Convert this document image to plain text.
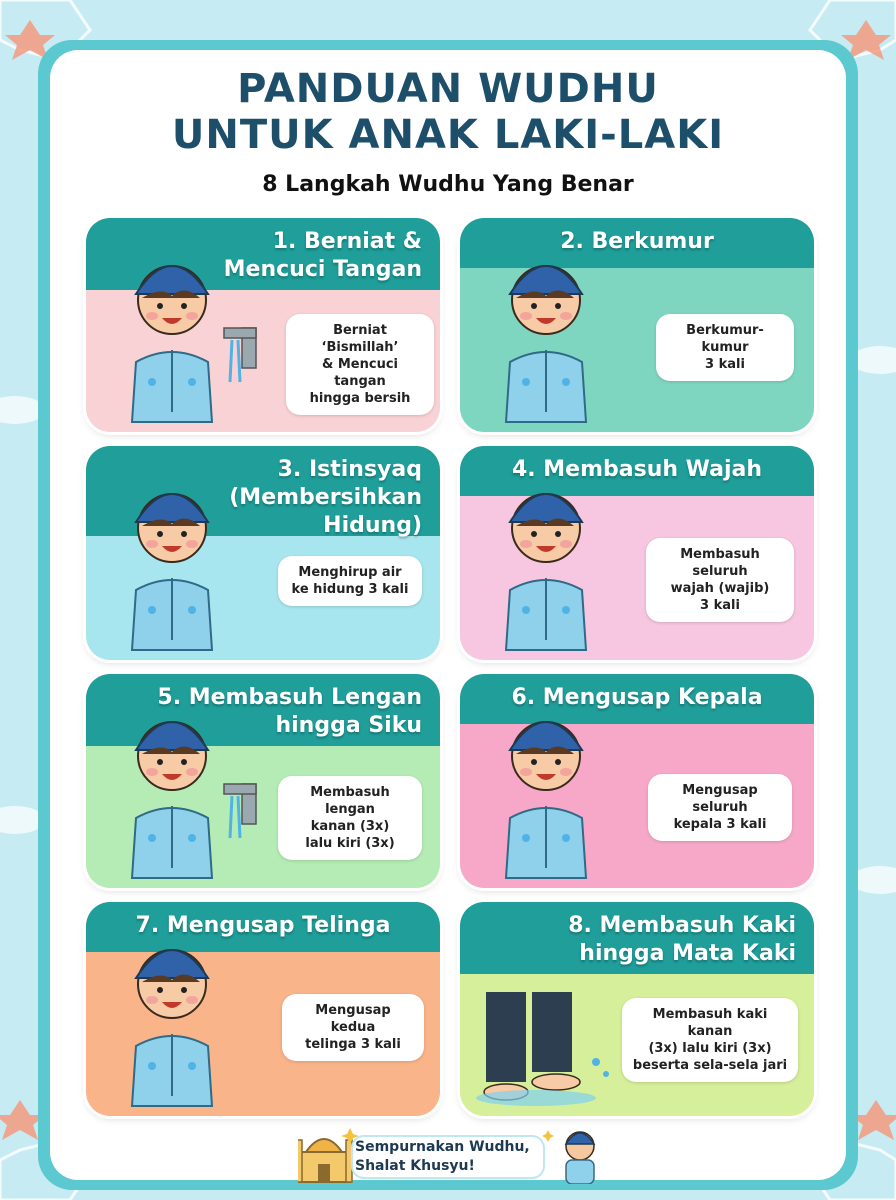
PANDUAN WUDHU
UNTUK ANAK LAKI-LAKI
8 Langkah Wudhu Yang Benar
1. Berniat &
Mencuci Tangan
Berniat ‘Bismillah’
& Mencuci tangan
hingga bersih
2. Berkumur
Berkumur-kumur
3 kali
3. Istinsyaq
(Membersihkan
Hidung)
Menghirup air
ke hidung 3 kali
4. Membasuh Wajah
Membasuh seluruh
wajah (wajib)
3 kali
5. Membasuh Lengan
hingga Siku
Membasuh lengan
kanan (3x)
lalu kiri (3x)
6. Mengusap Kepala
Mengusap seluruh
kepala 3 kali
7. Mengusap Telinga
Mengusap kedua
telinga 3 kali
8. Membasuh Kaki
hingga Mata Kaki
Membasuh kaki kanan
(3x) lalu kiri (3x)
beserta sela-sela jari
Sempurnakan Wudhu,
Shalat Khusyu!
